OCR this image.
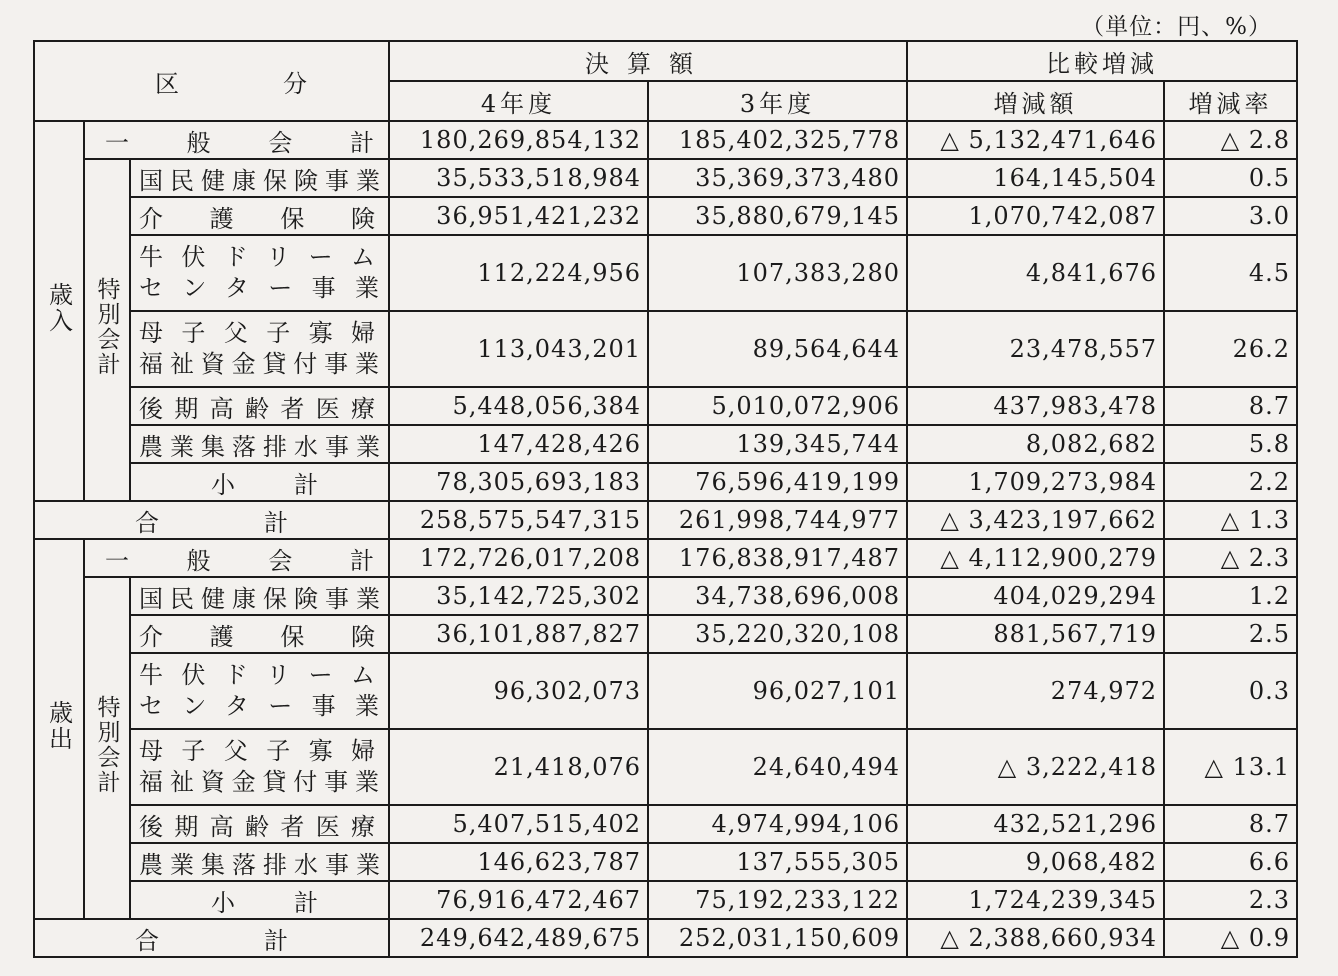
（単位：円、%）
区　分			決算額		比較増減	
			4年度	3年度	増減額	増減率
歳入	一般会計		180,269,854,132	185,402,325,778	△ 5,132,471,646	△ 2.8
	特別会計	国民健康保険事業	35,533,518,984	35,369,373,480	164,145,504	0.5
		介護保険	36,951,421,232	35,880,679,145	1,070,742,087	3.0

		牛伏ドリーム
センター事業	112,224,956	107,383,280	4,841,676	4.5

		母子父子寡婦
福祉資金貸付事業	113,043,201	89,564,644	23,478,557	26.2
		後期高齢者医療	5,448,056,384	5,010,072,906	437,983,478	8.7
		農業集落排水事業	147,428,426	139,345,744	8,082,682	5.8
		小計	78,305,693,183	76,596,419,199	1,709,273,984	2.2
合計			258,575,547,315	261,998,744,977	△ 3,423,197,662	△ 1.3
歳出	一般会計		172,726,017,208	176,838,917,487	△ 4,112,900,279	△ 2.3
	特別会計	国民健康保険事業	35,142,725,302	34,738,696,008	404,029,294	1.2
		介護保険	36,101,887,827	35,220,320,108	881,567,719	2.5

		牛伏ドリーム
センター事業	96,302,073	96,027,101	274,972	0.3

		母子父子寡婦
福祉資金貸付事業	21,418,076	24,640,494	△ 3,222,418	△ 13.1
		後期高齢者医療	5,407,515,402	4,974,994,106	432,521,296	8.7
		農業集落排水事業	146,623,787	137,555,305	9,068,482	6.6
		小計	76,916,472,467	75,192,233,122	1,724,239,345	2.3
合計			249,642,489,675	252,031,150,609	△ 2,388,660,934	△ 0.9
